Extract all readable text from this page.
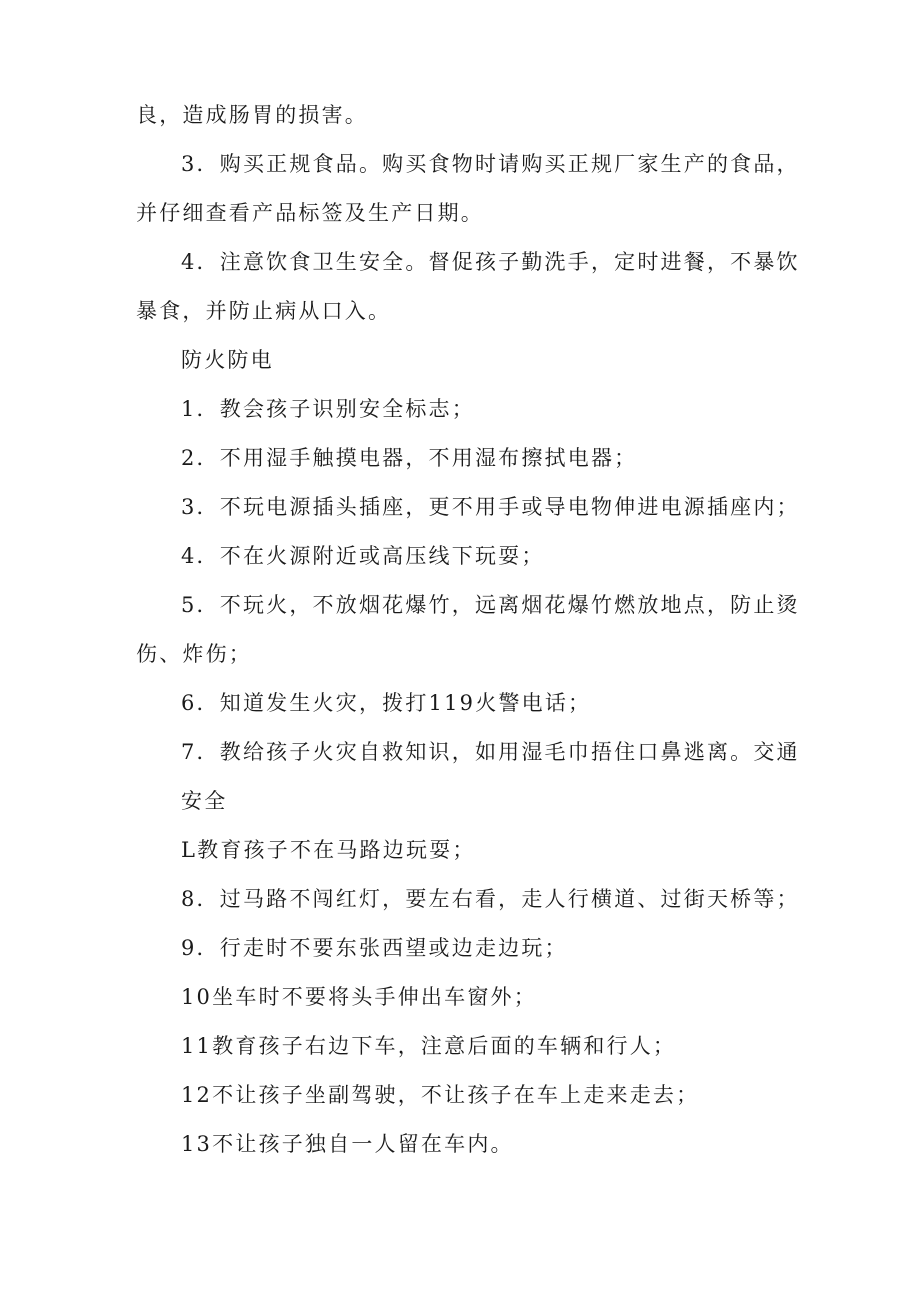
良，造成肠胃的损害。
3．购买正规食品。购买食物时请购买正规厂家生产的食品，
并仔细查看产品标签及生产日期。
4．注意饮食卫生安全。督促孩子勤洗手，定时进餐，不暴饮
暴食，并防止病从口入。
防火防电
1．教会孩子识别安全标志；
2．不用湿手触摸电器，不用湿布擦拭电器；
3．不玩电源插头插座，更不用手或导电物伸进电源插座内；
4．不在火源附近或高压线下玩耍；
5．不玩火，不放烟花爆竹，远离烟花爆竹燃放地点，防止烫
伤、炸伤；
6．知道发生火灾，拨打119火警电话；
7．教给孩子火灾自救知识，如用湿毛巾捂住口鼻逃离。交通
安全
L教育孩子不在马路边玩耍；
8．过马路不闯红灯，要左右看，走人行横道、过街天桥等；
9．行走时不要东张西望或边走边玩；
10坐车时不要将头手伸出车窗外；
11教育孩子右边下车，注意后面的车辆和行人；
12不让孩子坐副驾驶，不让孩子在车上走来走去；
13不让孩子独自一人留在车内。
